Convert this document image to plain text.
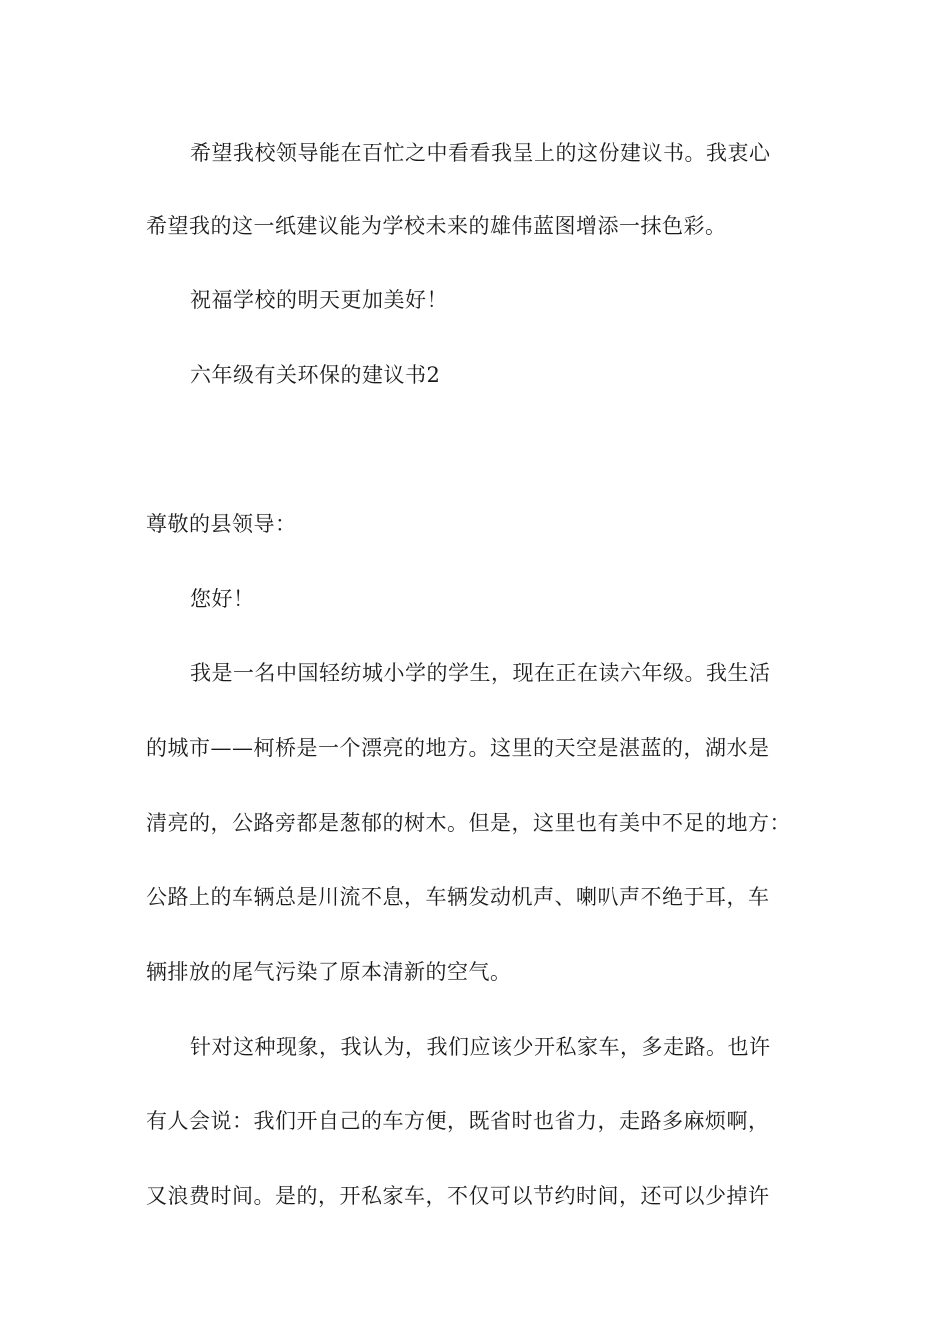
希望我校领导能在百忙之中看看我呈上的这份建议书。我衷心
希望我的这一纸建议能为学校未来的雄伟蓝图增添一抹色彩。
祝福学校的明天更加美好！
六年级有关环保的建议书2
尊敬的县领导：
您好！
我是一名中国轻纺城小学的学生，现在正在读六年级。我生活
的城市——柯桥是一个漂亮的地方。这里的天空是湛蓝的，湖水是
清亮的，公路旁都是葱郁的树木。但是，这里也有美中不足的地方：
公路上的车辆总是川流不息，车辆发动机声、喇叭声不绝于耳，车
辆排放的尾气污染了原本清新的空气。
针对这种现象，我认为，我们应该少开私家车，多走路。也许
有人会说：我们开自己的车方便，既省时也省力，走路多麻烦啊，
又浪费时间。是的，开私家车，不仅可以节约时间，还可以少掉许
